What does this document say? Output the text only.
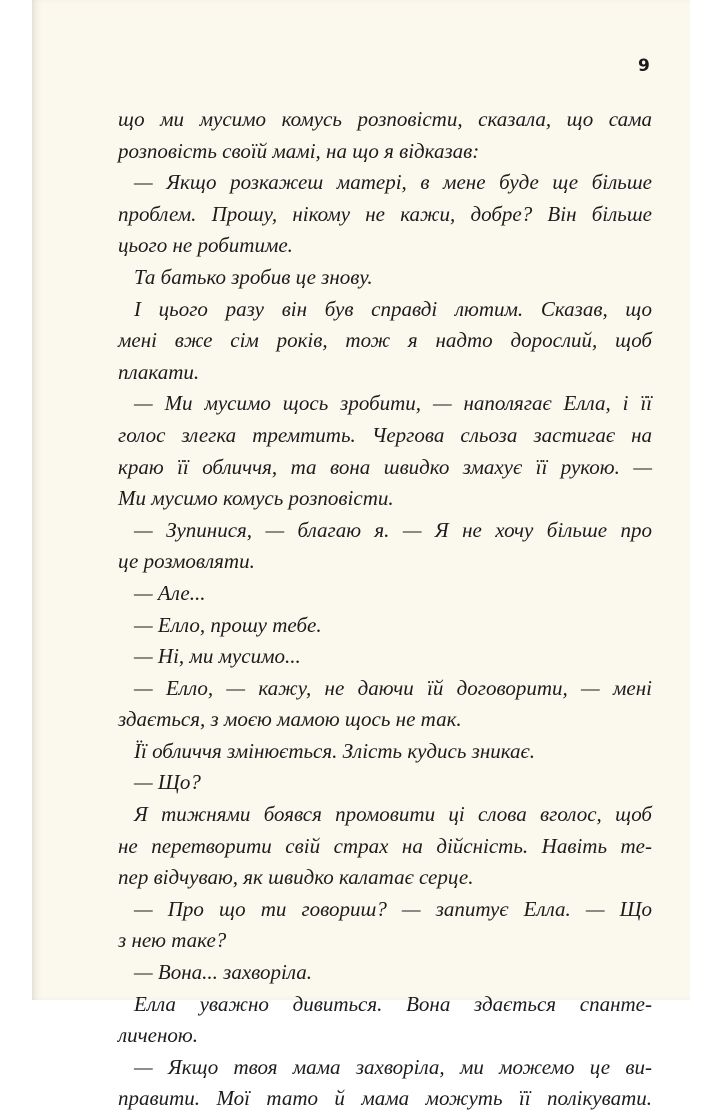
9
що ми мусимо комусь розповісти, сказала, що сама
розповість своїй мамі, на що я відказав:
— Якщо розкажеш матері, в мене буде ще більше
проблем. Прошу, нікому не кажи, добре? Він більше
цього не робитиме.
Та батько зробив це знову.
І цього разу він був справді лютим. Сказав, що
мені вже сім років, тож я надто дорослий, щоб
плакати.
— Ми мусимо щось зробити, — наполягає Елла, і її
голос злегка тремтить. Чергова сльоза застигає на
краю її обличчя, та вона швидко змахує її рукою. —
Ми мусимо комусь розповісти.
— Зупинися, — благаю я. — Я не хочу більше про
це розмовляти.
— Але...
— Елло, прошу тебе.
— Ні, ми мусимо...
— Елло, — кажу, не даючи їй договорити, — мені
здається, з моєю мамою щось не так.
Її обличчя змінюється. Злість кудись зникає.
— Що?
Я тижнями боявся промовити ці слова вголос, щоб
не перетворити свій страх на дійсність. Навіть те-
пер відчуваю, як швидко калатає серце.
— Про що ти говориш? — запитує Елла. — Що
з нею таке?
— Вона... захворіла.
Елла уважно дивиться. Вона здається спанте-
личеною.
— Якщо твоя мама захворіла, ми можемо це ви-
правити. Мої тато й мама можуть її полікувати.
